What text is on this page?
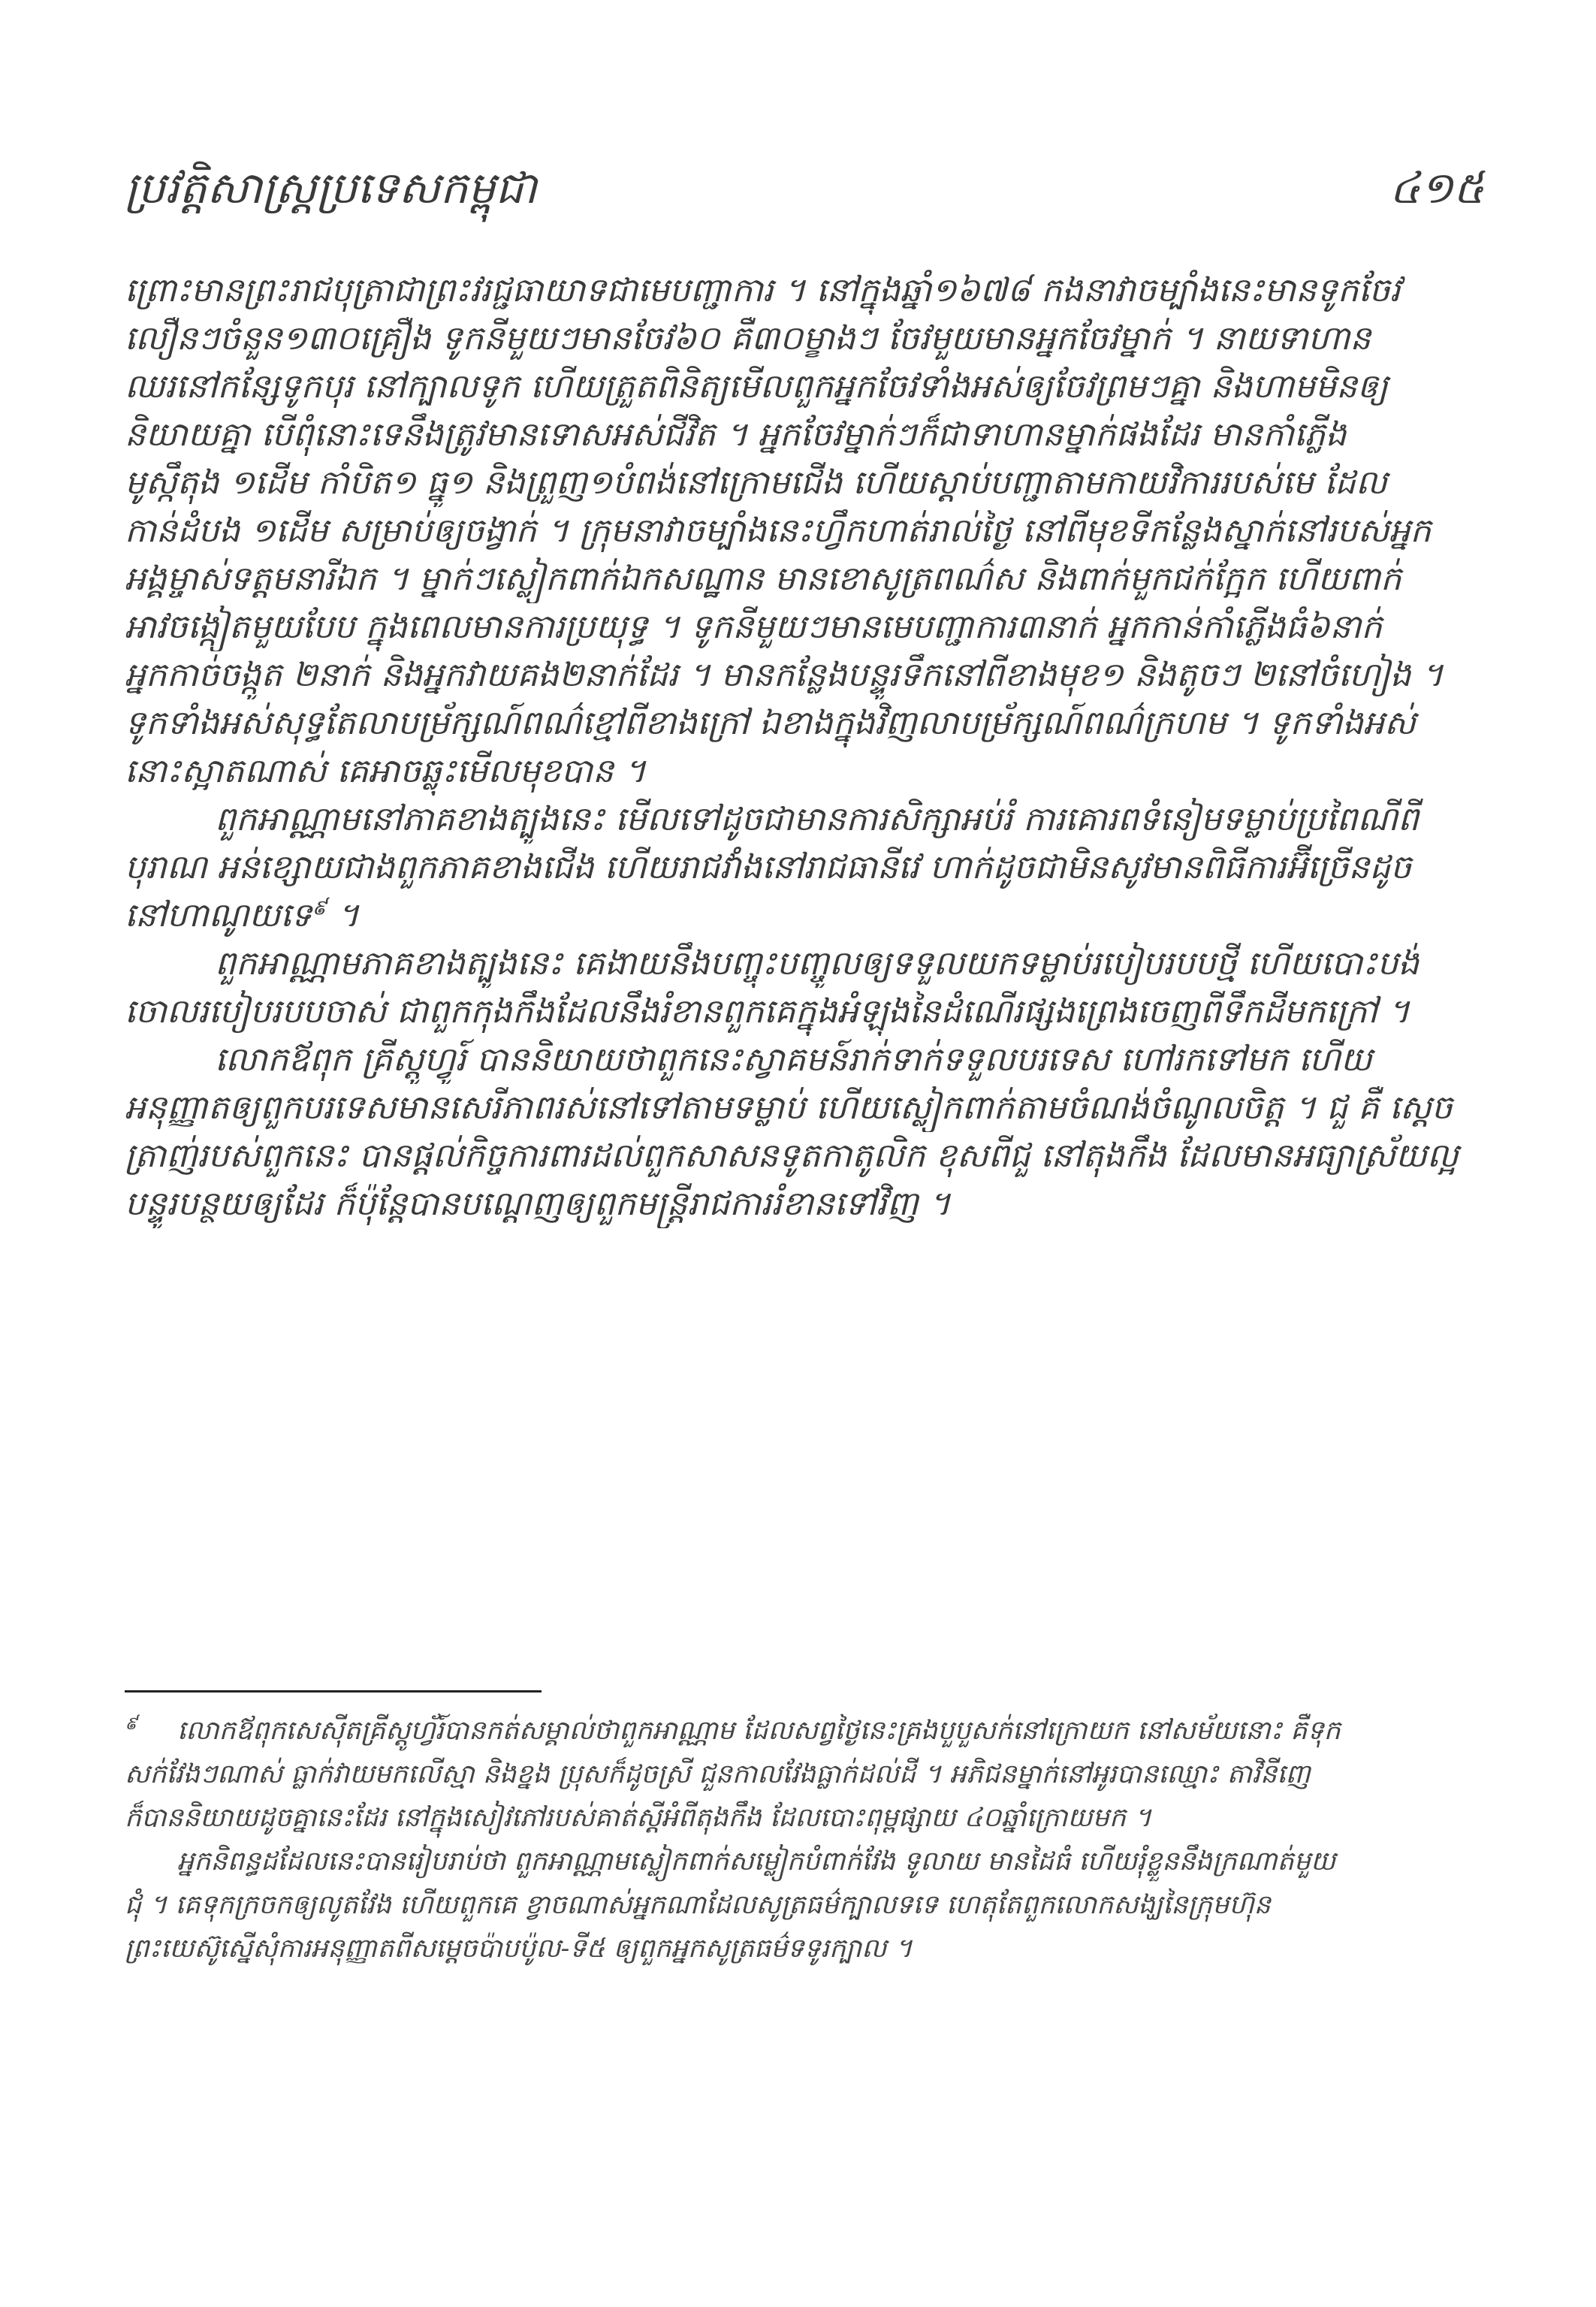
ប្រវត្តិសាស្ត្រប្រទេសកម្ពុជា	៤១៥
ព្រោះមានព្រះរាជបុត្រាជាព្រះវរជ្ជធាយាទជាមេបញ្ជាការ ។ នៅក្នុងឆ្នាំ១៦៧៨ កងនាវាចម្បាំងនេះមានទូកចែវ
លឿនៗចំនួន១៣០គ្រឿង ទូកនីមួយៗមានចែវ៦០ គឺ៣០ម្ខាងៗ ចែវមួយមានអ្នកចែវម្នាក់ ។ នាយទាហាន
ឈរនៅកន្សែទូកបុរ នៅក្បាលទូក ហើយត្រួតពិនិត្យមើលពួកអ្នកចែវទាំងអស់ឲ្យចែវព្រមៗគ្នា និងហាមមិនឲ្យ
និយាយគ្នា បើពុំនោះទេនឹងត្រូវមានទោសអស់ជីវិត ។ អ្នកចែវម្នាក់ៗក៏ជាទាហានម្នាក់ផងដែរ មានកាំភ្លើង
មូស្កឹតុង ១ដើម កាំបិត១ ធ្នូ១ និងព្រួញ១បំពង់នៅក្រោមជើង ហើយស្តាប់បញ្ជាតាមកាយវិការរបស់មេ ដែល
កាន់ដំបង ១ដើម សម្រាប់ឲ្យចង្វាក់ ។ ក្រុមនាវាចម្បាំងនេះហ្វឹកហាត់រាល់ថ្ងៃ នៅពីមុខទីកន្លែងស្នាក់នៅរបស់អ្នក
អង្គម្ចាស់ទត្តមនារីឯក ។ ម្នាក់ៗស្លៀកពាក់ឯកសណ្ឋាន មានខោសូត្រពណ៌ស និងពាក់មួកជក់ក្អែក ហើយពាក់
អាវចង្កៀតមួយបែប ក្នុងពេលមានការប្រយុទ្ធ ។ ទូកនីមួយៗមានមេបញ្ជាការ៣នាក់ អ្នកកាន់កាំភ្លើងធំ៦នាក់
អ្នកកាច់ចង្កូត ២នាក់ និងអ្នកវាយគង២នាក់ដែរ ។ មានកន្លែងបន្ទូរទឹកនៅពីខាងមុខ១ និងតូចៗ ២នៅចំហៀង ។
ទូកទាំងអស់សុទ្ធតែលាបម្រ័ក្សណ៍ពណ៌ខ្មៅពីខាងក្រៅ ឯខាងក្នុងវិញលាបម្រ័ក្សណ៍ពណ៌ក្រហម ។ ទូកទាំងអស់
នោះស្អាតណាស់ គេអាចឆ្លុះមើលមុខបាន ។
ពួកអាណ្ណាមនៅភាគខាងត្បូងនេះ មើលទៅដូចជាមានការសិក្សាអប់រំ ការគោរពទំនៀមទម្លាប់ប្រពៃណីពី
បុរាណ អន់ខ្សោយជាងពួកភាគខាងជើង ហើយរាជវាំងនៅរាជធានីវេ ហាក់ដូចជាមិនសូវមានពិធីការអ៊ីច្រើនដូច
នៅហាណូយទេ$^៩$ ។
ពួកអាណ្ណាមភាគខាងត្បូងនេះ គេងាយនឹងបញ្ចុះបញ្ចូលឲ្យទទួលយកទម្លាប់របៀបរបបថ្មី ហើយបោះបង់
ចោលរបៀបរបបចាស់ ជាពួកកុងកឹងដែលនឹងរំខានពួកគេក្នុងអំឡុងនៃដំណើរផ្សងព្រេងចេញពីទឹកដីមកក្រៅ ។
លោកឪពុក គ្រីស្តូហ្វូរ៍ បាននិយាយថាពួកនេះស្វាគមន៍រាក់ទាក់ទទួលបរទេស ហៅរកទៅមក ហើយ
អនុញ្ញាតឲ្យពួកបរទេសមានសេរីភាពរស់នៅទៅតាមទម្លាប់ ហើយស្លៀកពាក់តាមចំណង់ចំណូលចិត្ត ។ ជួ គឺ ស្តេច
ត្រាញ់របស់ពួកនេះ បានផ្តល់កិច្ចការពារដល់ពួកសាសនទូតកាតូលិក ខុសពីជួ នៅតុងកឹង ដែលមានអធ្យាស្រ័យល្អ
បន្ទូរបន្ថយឲ្យដែរ ក៏ប៉ុន្តែបានបណ្តេញឲ្យពួកមន្ត្រីរាជការរំខានទៅវិញ ។
៩ លោកឪពុកសេស៊ីតគ្រីស្តូហ្វ័រ៍បានកត់សម្គាល់ថាពួកអាណ្ណាម ដែលសព្វថ្ងៃនេះគ្រងបួបួសក់នៅក្រោយក នៅសម័យនោះ គឺទុក
សក់វែងៗណាស់ ធ្លាក់វាយមកលើស្មា និងខ្នង ប្រុសក៏ដូចស្រី ជួនកាលវែងធ្លាក់ដល់ដី ។ អភិជនម្នាក់នៅអូរបានឈ្មោះ តាវិនីញេ
ក៏បាននិយាយដូចគ្នានេះដែរ នៅក្នុងសៀវភៅរបស់គាត់ស្តីអំពីតុងកឹង ដែលបោះពុម្ពផ្សាយ ៤០ឆ្នាំក្រោយមក ។
អ្នកនិពន្ធដដែលនេះបានរៀបរាប់ថា ពួកអាណ្ណាមស្លៀកពាក់សម្លៀកបំពាក់វែង ទូលាយ មានដៃធំ ហើយរុំខ្លួននឹងក្រណាត់មួយ
ជុំ ។ គេទុកក្រចកឲ្យលូតវែង ហើយពួកគេ ខ្វាចណាស់អ្នកណាដែលសូត្រធម៌ក្បាលទទេ ហេតុតែពួកលោកសង្ឃនៃក្រុមហ៊ុន
ព្រះយេស៊ូស្នើសុំការអនុញ្ញាតពីសម្តេចប៉ាបប៉ូល-ទី៥ ឲ្យពួកអ្នកសូត្រធម៌ទទូរក្បាល ។
